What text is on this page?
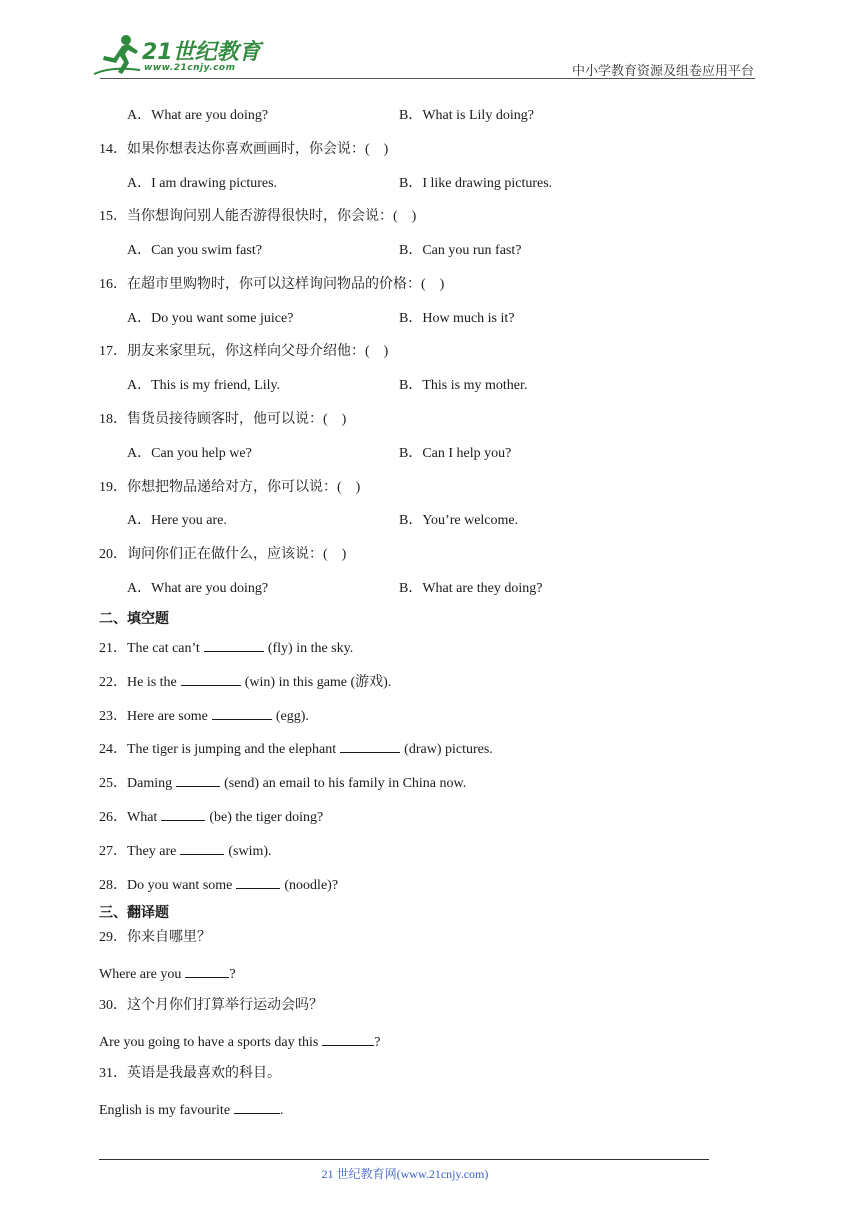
21世纪教育
www.21cnjy.com	中小学教育资源及组卷应用平台
A．What are you doing?	B．What is Lily doing?
14．如果你想表达你喜欢画画时，你会说：(　)
A．I am drawing pictures.	B．I like drawing pictures.
15．当你想询问别人能否游得很快时，你会说：(　)
A．Can you swim fast?	B．Can you run fast?
16．在超市里购物时，你可以这样询问物品的价格：(　)
A．Do you want some juice?	B．How much is it?
17．朋友来家里玩，你这样向父母介绍他：(　)
A．This is my friend, Lily.	B．This is my mother.
18．售货员接待顾客时，他可以说：(　)
A．Can you help we?	B．Can I help you?
19．你想把物品递给对方，你可以说：(　)
A．Here you are.	B．You’re welcome.
20．询问你们正在做什么，应该说：(　)
A．What are you doing?	B．What are they doing?
二、填空题
21．The cat can’t	(fly) in the sky.
22．He is the	(win) in this game (游戏).
23．Here are some	(egg).
24．The tiger is jumping and the elephant	(draw) pictures.
25．Daming	(send) an email to his family in China now.
26．What	(be) the tiger doing?
27．They are	(swim).
28．Do you want some	(noodle)?
三、翻译题
29．你来自哪里？
Where are you	?
30．这个月你们打算举行运动会吗？
Are you going to have a sports day this	?
31．英语是我最喜欢的科目。
English is my favourite	.
21 世纪教育网(www.21cnjy.com)
